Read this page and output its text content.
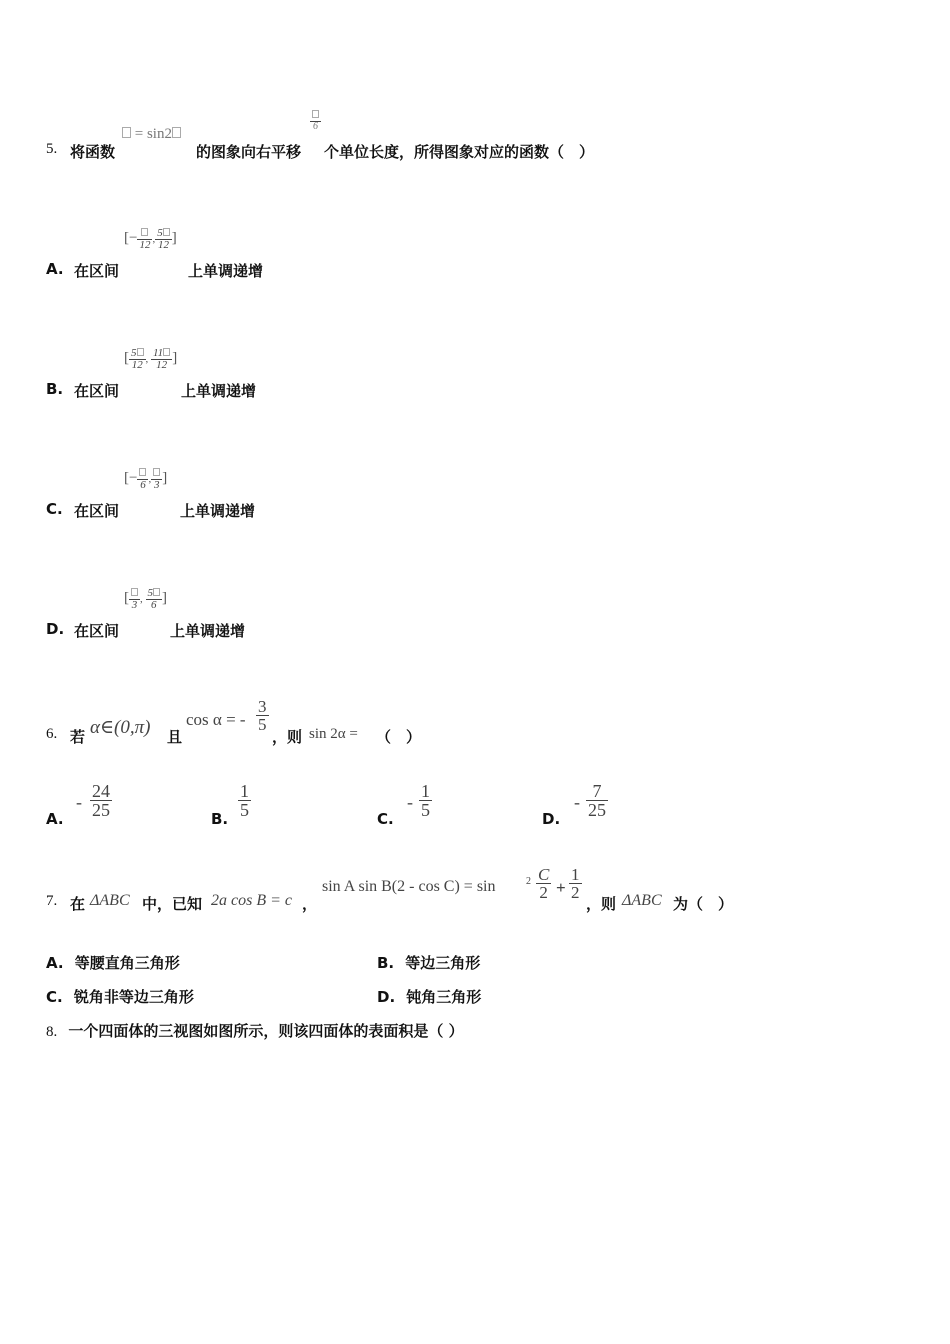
5. 将函数
= sin2
的图象向右平移
6
个单位长度，所得图象对应的函数（　）
A. 在区间
[− 12 , $\frac{5}{12}$ ]
上单调递增
B. 在区间
[ $\frac{5}{12}$ , $\frac{11}{12}$ ]
上单调递增
C. 在区间
[− 6 , 3 ]
上单调递增
D. 在区间
[ 3 , $\frac{5}{6}$ ]
上单调递增
6. 若 α∈(0,π) 且
cos α = - $\frac{3}{5}$
，则 sin 2α = （　）
A.
- $\frac{24}{25}$	B. $\frac{1}{5}$	C.
- $\frac{1}{5}$	D.
- $\frac{7}{25}$
7. 在 ΔABC 中，已知 2a cos B = c ，
sin A sin B(2 - cos C) = sin	$2 \frac{C}{2} + \frac{1}{2}$
，则 ΔABC 为（　）
A. 等腰直角三角形	B. 等边三角形
C. 锐角非等边三角形	D. 钝角三角形
8. 一个四面体的三视图如图所示，则该四面体的表面积是（ ）
